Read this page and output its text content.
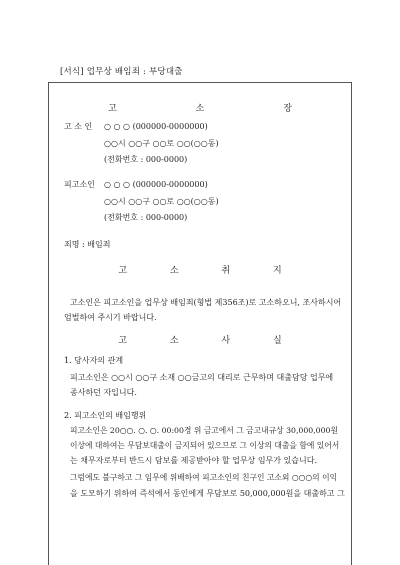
[서식] 업무상 배임죄 : 부당대출
고 소 장
고 소 인	○ ○ ○ (000000-0000000)
○○시 ○○구 ○○로 ○○(○○동)
(전화번호 : 000-0000)
피고소인	○ ○ ○ (000000-0000000)
○○시 ○○구 ○○로 ○○(○○동)
(전화번호 : 000-0000)
죄명 : 배임죄
고 소 취 지
고소인은 피고소인을 업무상 배임죄(형법 제356조)로 고소하오니, 조사하시어
엄벌하여 주시기 바랍니다.
고 소 사 실
1. 당사자의 관계
피고소인은 ○○시 ○○구 소재 ○○금고의 대리로 근무하며 대출담당 업무에
종사하던 자입니다.
2. 피고소인의 배임행위
피고소인은 20○○. ○. ○. 00:00경 위 금고에서 그 금고내규상 30,000,000원
이상에 대하여는 무담보대출이 금지되어 있으므로 그 이상의 대출을 함에 있어서
는 채무자로부터 반드시 담보를 제공받아야 할 업무상 임무가 있습니다.
그럼에도 불구하고 그 임무에 위배하여 피고소인의 친구인 고소외 ○○○의 이익
을 도모하기 위하여 즉석에서 동인에게 무담보로 50,000,000원을 대출하고 그
